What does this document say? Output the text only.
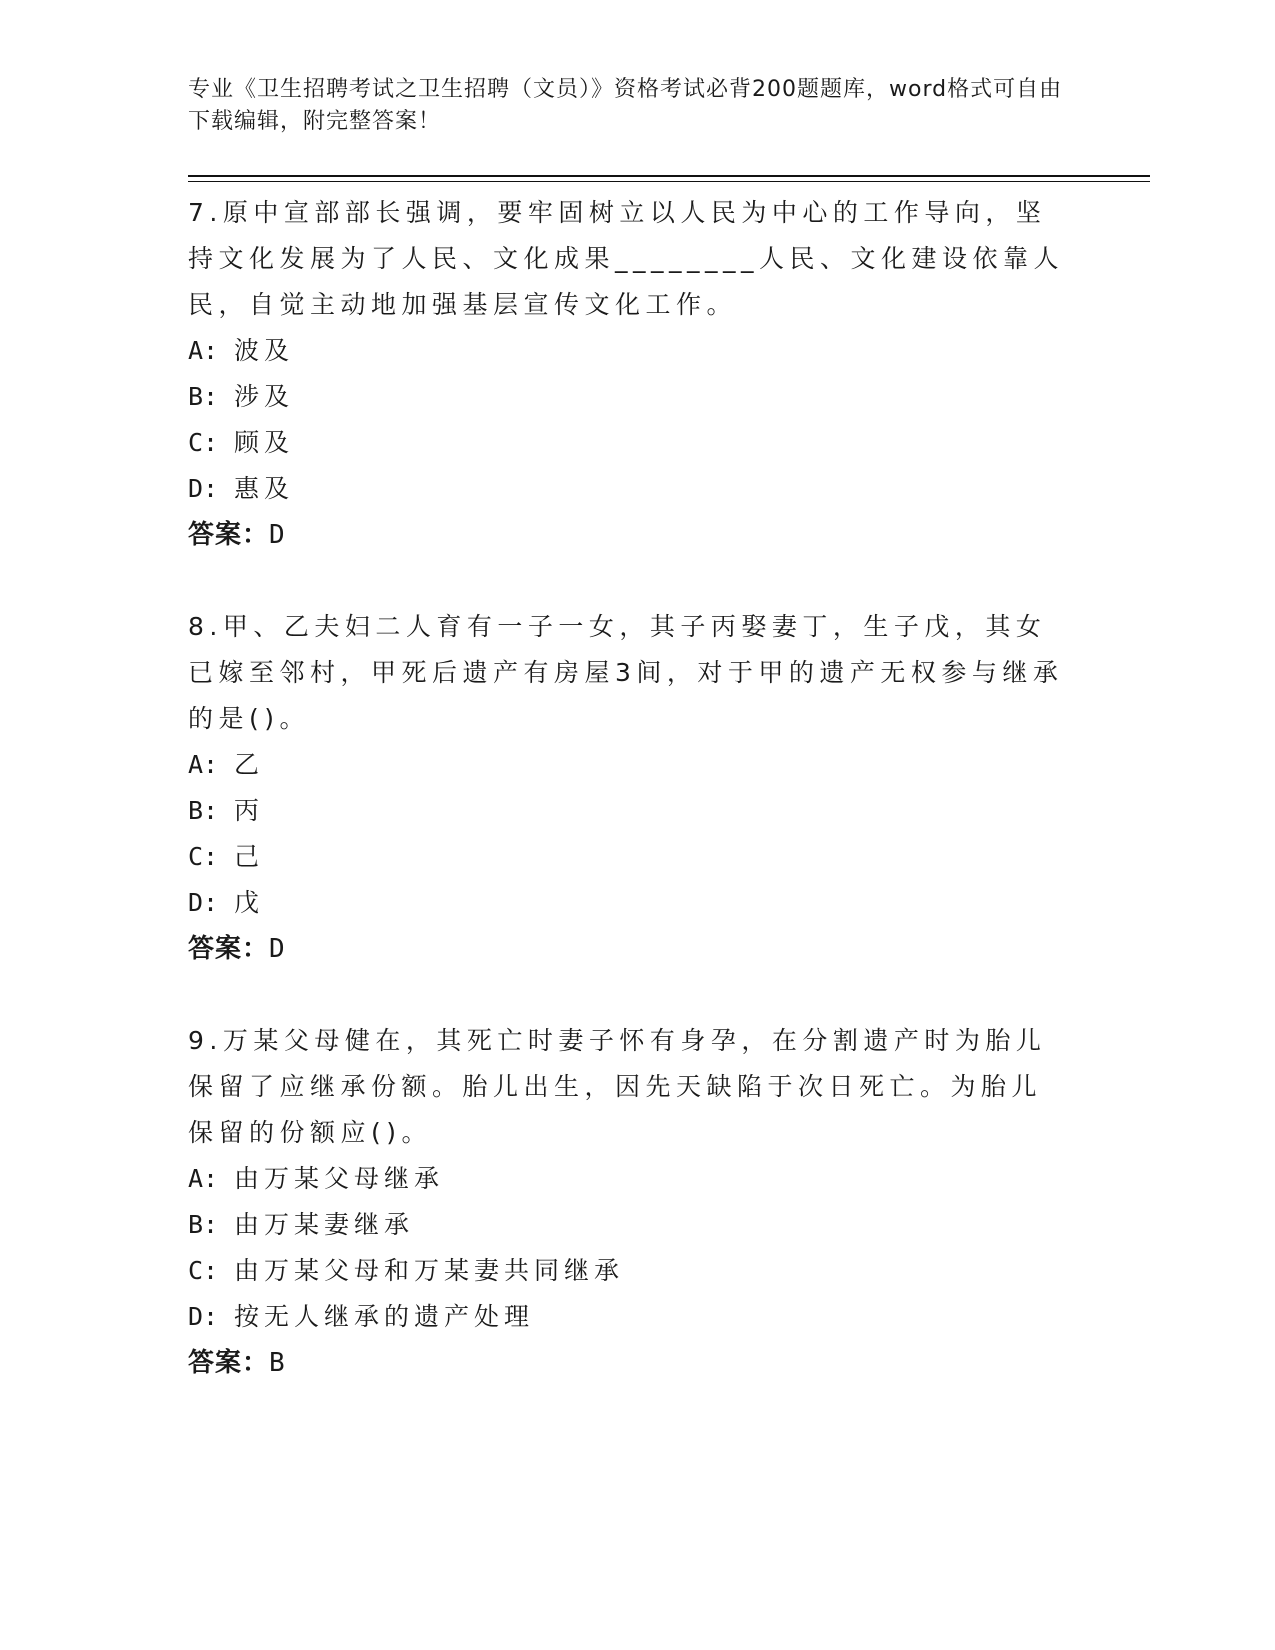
专业《卫生招聘考试之卫生招聘（文员）》资格考试必背200题题库，word格式可自由下载编辑，附完整答案！
7.原中宣部部长强调，要牢固树立以人民为中心的工作导向，坚持文化发展为了人民、文化成果________人民、文化建设依靠人民，自觉主动地加强基层宣传文化工作。
A: 波及
B: 涉及
C: 顾及
D: 惠及
答案：D
8.甲、乙夫妇二人育有一子一女，其子丙娶妻丁，生子戊，其女已嫁至邻村，甲死后遗产有房屋3间，对于甲的遗产无权参与继承的是()。
A: 乙
B: 丙
C: 己
D: 戊
答案：D
9.万某父母健在，其死亡时妻子怀有身孕，在分割遗产时为胎儿保留了应继承份额。胎儿出生，因先天缺陷于次日死亡。为胎儿保留的份额应()。
A: 由万某父母继承
B: 由万某妻继承
C: 由万某父母和万某妻共同继承
D: 按无人继承的遗产处理
答案：B
